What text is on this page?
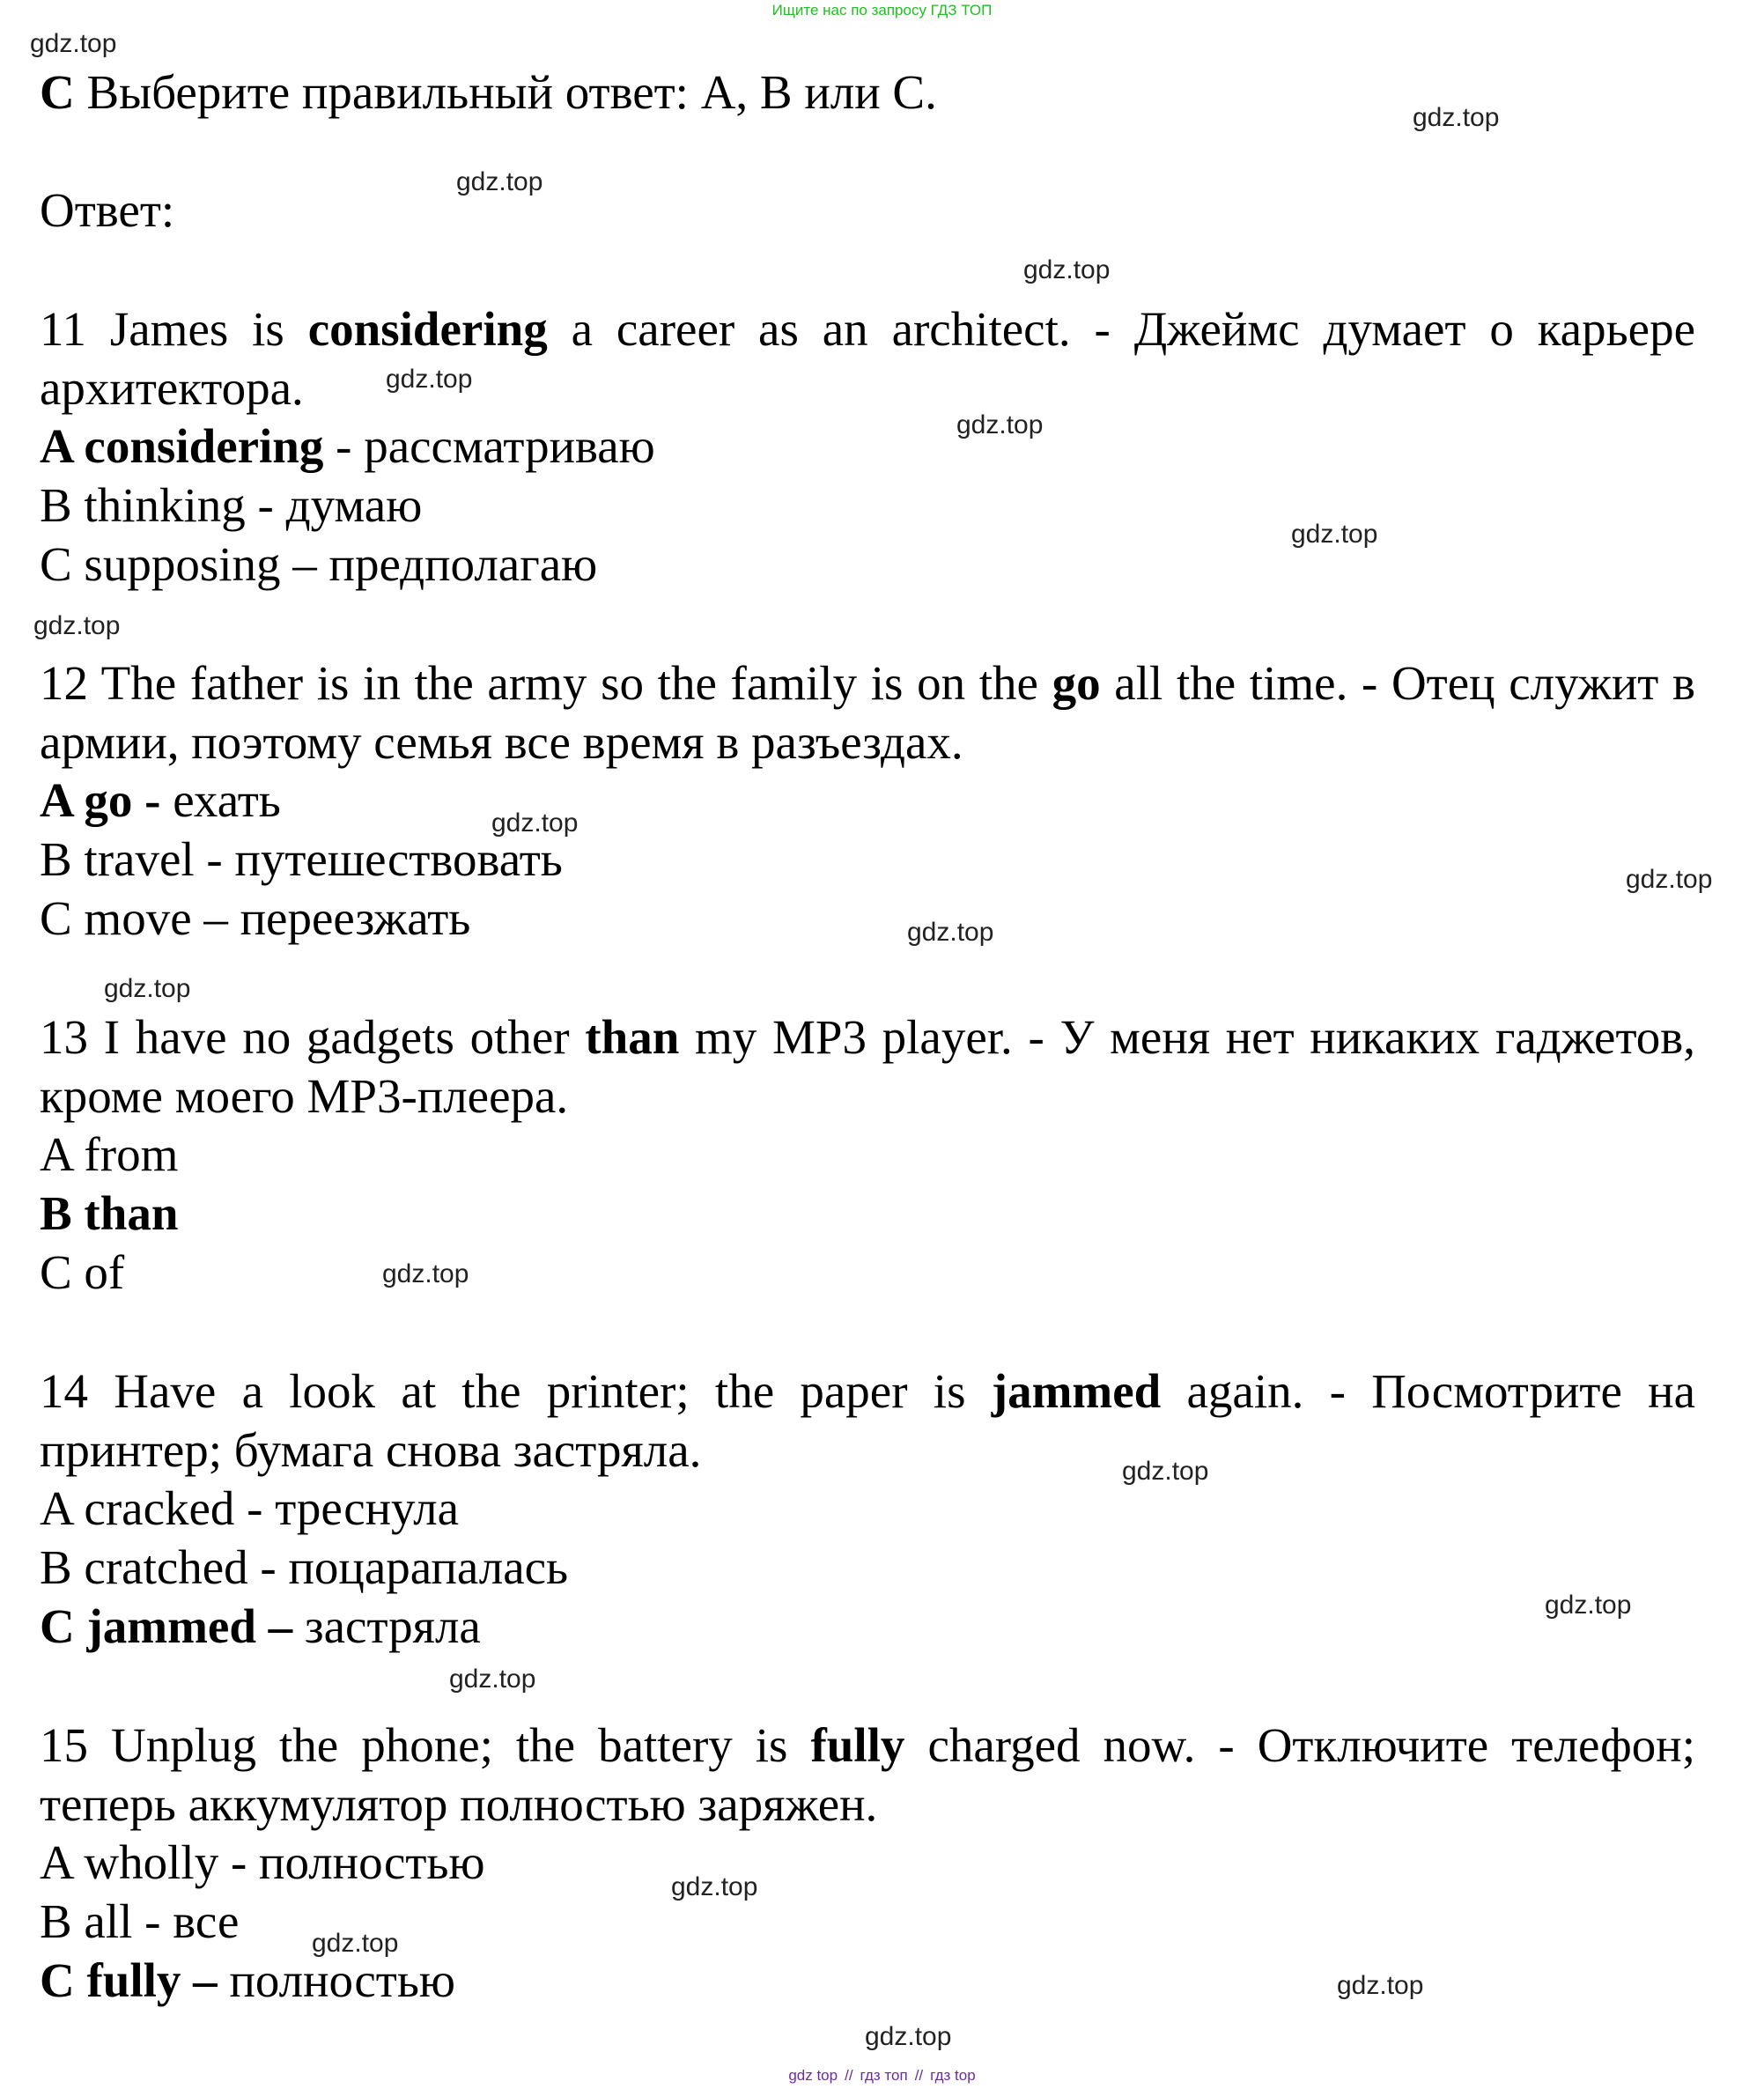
Ищите нас по запросу ГДЗ ТОП
gdz.top
gdz.top
gdz.top
gdz.top
gdz.top
gdz.top
gdz.top
gdz.top
gdz.top
gdz.top
gdz.top
gdz.top
gdz.top
gdz.top
gdz.top
gdz.top
gdz.top
gdz.top
gdz.top
gdz.top
C Выберите правильный ответ: A, B или C.
Ответ:
11 James is considering a career as an architect. - Джеймс думает о карьере архитектора.
A considering - рассматриваю
B thinking - думаю
C supposing – предполагаю
12 The father is in the army so the family is on the go all the time. - Отец служит в армии, поэтому семья все время в разъездах.
A go - ехать
B travel - путешествовать
C move – переезжать
13 I have no gadgets other than my MP3 player. - У меня нет никаких гаджетов, кроме моего MP3-плеера.
A from
B than
C of
14 Have a look at the printer; the paper is jammed again. - Посмотрите на принтер; бумага снова застряла.
A cracked - треснула
B cratched - поцарапалась
C jammed – застряла
15 Unplug the phone; the battery is fully charged now. - Отключите телефон; теперь аккумулятор полностью заряжен.
A wholly - полностью
B all - все
C fully – полностью
gdz top // гдз топ // гдз top
